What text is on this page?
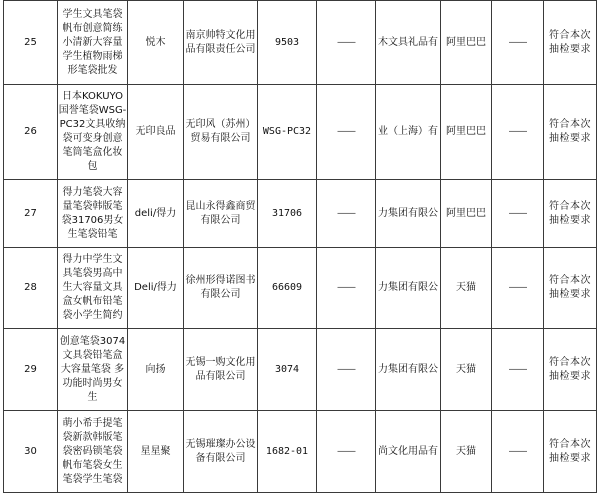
25	学生文具笔袋帆布创意简练小清新大容量学生植物雨梯形笔袋批发	悦木	南京帅特文化用品有限责任公司	9503	——	木文具礼品有	阿里巴巴	——	符合本次抽检要求
26	日本KOKUYO国誉笔袋WSG-PC32文具收纳袋可变身创意笔筒笔盒化妆包	无印良品	无印风（苏州）贸易有限公司	WSG-PC32	——	业（上海）有	阿里巴巴	——	符合本次抽检要求
27	得力笔袋大容量笔袋韩版笔袋31706男女生笔袋铅笔	deli/得力	昆山永得鑫商贸有限公司	31706	——	力集团有限公	阿里巴巴	——	符合本次抽检要求
28	得力中学生文具笔袋男高中生大容量文具盒女帆布铅笔袋小学生简约	Deli/得力	徐州形得诺图书有限公司	66609	——	力集团有限公	天猫	——	符合本次抽检要求
29	创意笔袋3074文具袋铅笔盒大容量笔袋 多功能时尚男女生	向扬	无锡一购文化用品有限公司	3074	——	力集团有限公	天猫	——	符合本次抽检要求
30	萌小希手提笔袋新款韩版笔袋密码锁笔袋帆布笔袋女生笔袋学生笔袋	星星聚	无锡璀璨办公设备有限公司	1682-01	——	尚文化用品有	天猫	——	符合本次抽检要求
